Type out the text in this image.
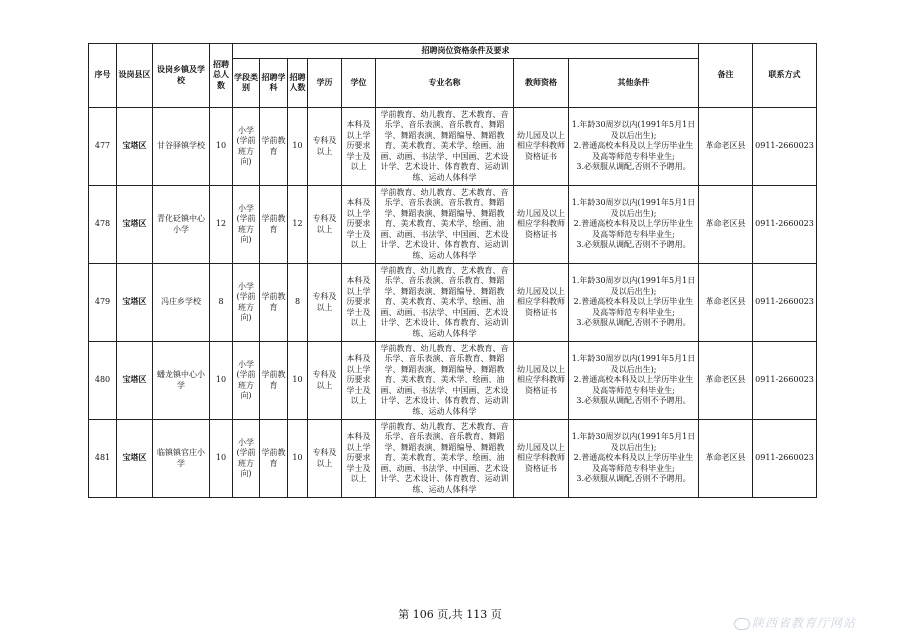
序号	设岗县区	设岗乡镇及学校	招聘总人数	招聘岗位资格条件及要求								备注	联系方式
				学段类别	招聘学科	招聘人数	学历	学位	专业名称	教师资格	其他条件		
477	宝塔区	甘谷驿镇学校	10	小学(学前班方向)	学前教育	10	专科及以上	本科及以上学历要求学士及以上	学前教育、幼儿教育、艺术教育、音乐学、音乐表演、音乐教育、舞蹈学、舞蹈表演、舞蹈编导、舞蹈教育、美术教育、美术学、绘画、油画、动画、书法学、中国画、艺术设计学、艺术设计、体育教育、运动训练、运动人体科学	幼儿园及以上相应学科教师资格证书	1.年龄30周岁以内(1991年5月1日及以后出生);
2.普通高校本科及以上学历毕业生及高等师范专科毕业生;
3.必须服从调配,否则不予聘用。	革命老区县	0911-2660023
478	宝塔区	青化砭镇中心小学	12	小学(学前班方向)	学前教育	12	专科及以上	本科及以上学历要求学士及以上	学前教育、幼儿教育、艺术教育、音乐学、音乐表演、音乐教育、舞蹈学、舞蹈表演、舞蹈编导、舞蹈教育、美术教育、美术学、绘画、油画、动画、书法学、中国画、艺术设计学、艺术设计、体育教育、运动训练、运动人体科学	幼儿园及以上相应学科教师资格证书	1.年龄30周岁以内(1991年5月1日及以后出生);
2.普通高校本科及以上学历毕业生及高等师范专科毕业生;
3.必须服从调配,否则不予聘用。	革命老区县	0911-2660023
479	宝塔区	冯庄乡学校	8	小学(学前班方向)	学前教育	8	专科及以上	本科及以上学历要求学士及以上	学前教育、幼儿教育、艺术教育、音乐学、音乐表演、音乐教育、舞蹈学、舞蹈表演、舞蹈编导、舞蹈教育、美术教育、美术学、绘画、油画、动画、书法学、中国画、艺术设计学、艺术设计、体育教育、运动训练、运动人体科学	幼儿园及以上相应学科教师资格证书	1.年龄30周岁以内(1991年5月1日及以后出生);
2.普通高校本科及以上学历毕业生及高等师范专科毕业生;
3.必须服从调配,否则不予聘用。	革命老区县	0911-2660023
480	宝塔区	蟠龙镇中心小学	10	小学(学前班方向)	学前教育	10	专科及以上	本科及以上学历要求学士及以上	学前教育、幼儿教育、艺术教育、音乐学、音乐表演、音乐教育、舞蹈学、舞蹈表演、舞蹈编导、舞蹈教育、美术教育、美术学、绘画、油画、动画、书法学、中国画、艺术设计学、艺术设计、体育教育、运动训练、运动人体科学	幼儿园及以上相应学科教师资格证书	1.年龄30周岁以内(1991年5月1日及以后出生);
2.普通高校本科及以上学历毕业生及高等师范专科毕业生;
3.必须服从调配,否则不予聘用。	革命老区县	0911-2660023
481	宝塔区	临镇镇官庄小学	10	小学(学前班方向)	学前教育	10	专科及以上	本科及以上学历要求学士及以上	学前教育、幼儿教育、艺术教育、音乐学、音乐表演、音乐教育、舞蹈学、舞蹈表演、舞蹈编导、舞蹈教育、美术教育、美术学、绘画、油画、动画、书法学、中国画、艺术设计学、艺术设计、体育教育、运动训练、运动人体科学	幼儿园及以上相应学科教师资格证书	1.年龄30周岁以内(1991年5月1日及以后出生);
2.普通高校本科及以上学历毕业生及高等师范专科毕业生;
3.必须服从调配,否则不予聘用。	革命老区县	0911-2660023
第 106 页,共 113 页
陕西省教育厅网站
